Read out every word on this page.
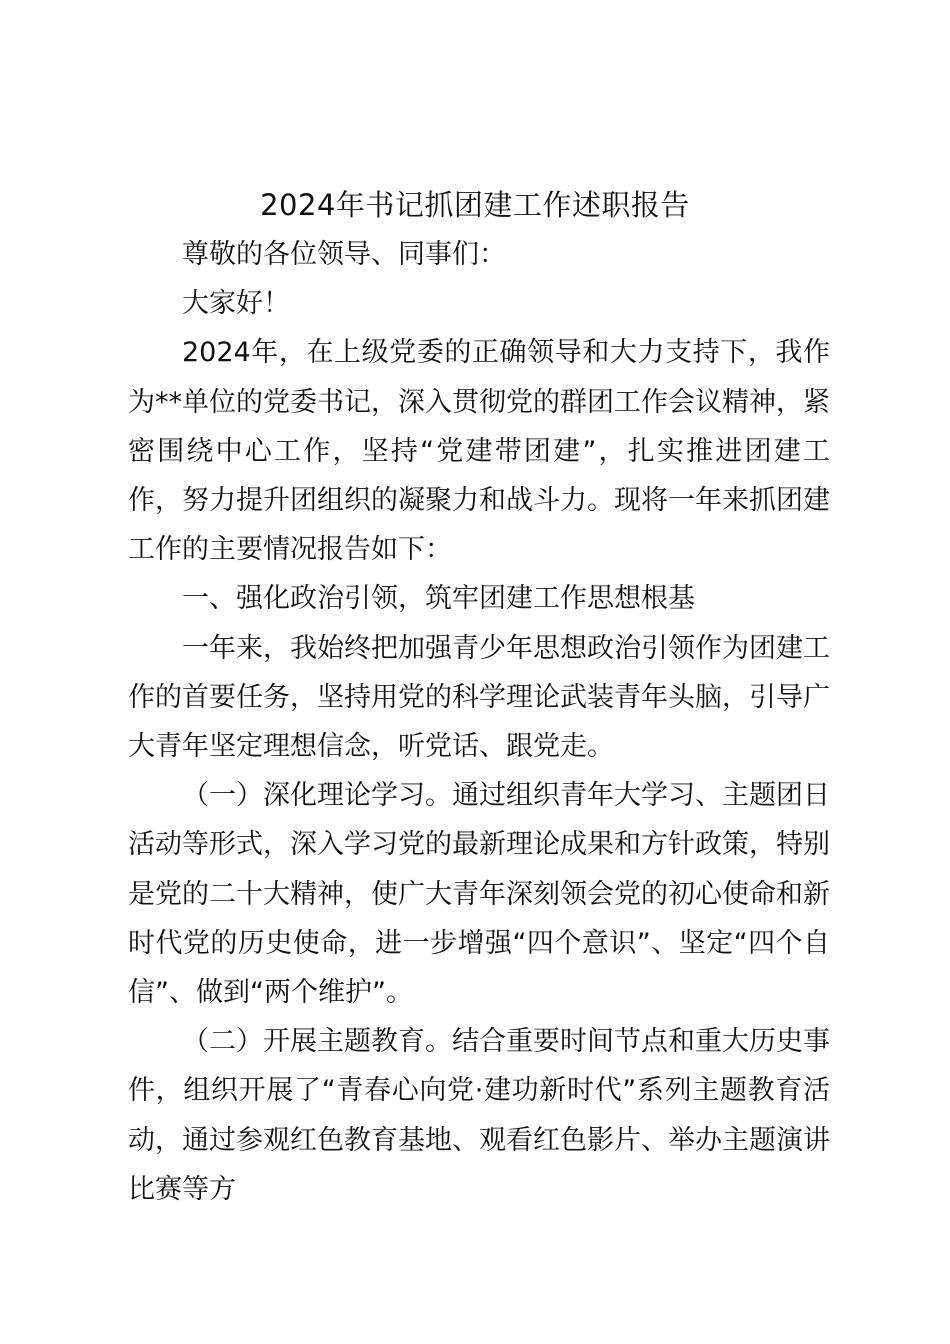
2024年书记抓团建工作述职报告

尊敬的各位领导、同事们：

大家好！

2024年，在上级党委的正确领导和大力支持下，我作为**单位的党委书记，深入贯彻党的群团工作会议精神，紧密围绕中心工作，坚持“党建带团建”，扎实推进团建工作，努力提升团组织的凝聚力和战斗力。现将一年来抓团建工作的主要情况报告如下：

一、强化政治引领，筑牢团建工作思想根基

一年来，我始终把加强青少年思想政治引领作为团建工作的首要任务，坚持用党的科学理论武装青年头脑，引导广大青年坚定理想信念，听党话、跟党走。

（一）深化理论学习。通过组织青年大学习、主题团日活动等形式，深入学习党的最新理论成果和方针政策，特别是党的二十大精神，使广大青年深刻领会党的初心使命和新时代党的历史使命，进一步增强“四个意识”、坚定“四个自信”、做到“两个维护”。

（二）开展主题教育。结合重要时间节点和重大历史事件，组织开展了“青春心向党·建功新时代”系列主题教育活动，通过参观红色教育基地、观看红色影片、举办主题演讲比赛等方
